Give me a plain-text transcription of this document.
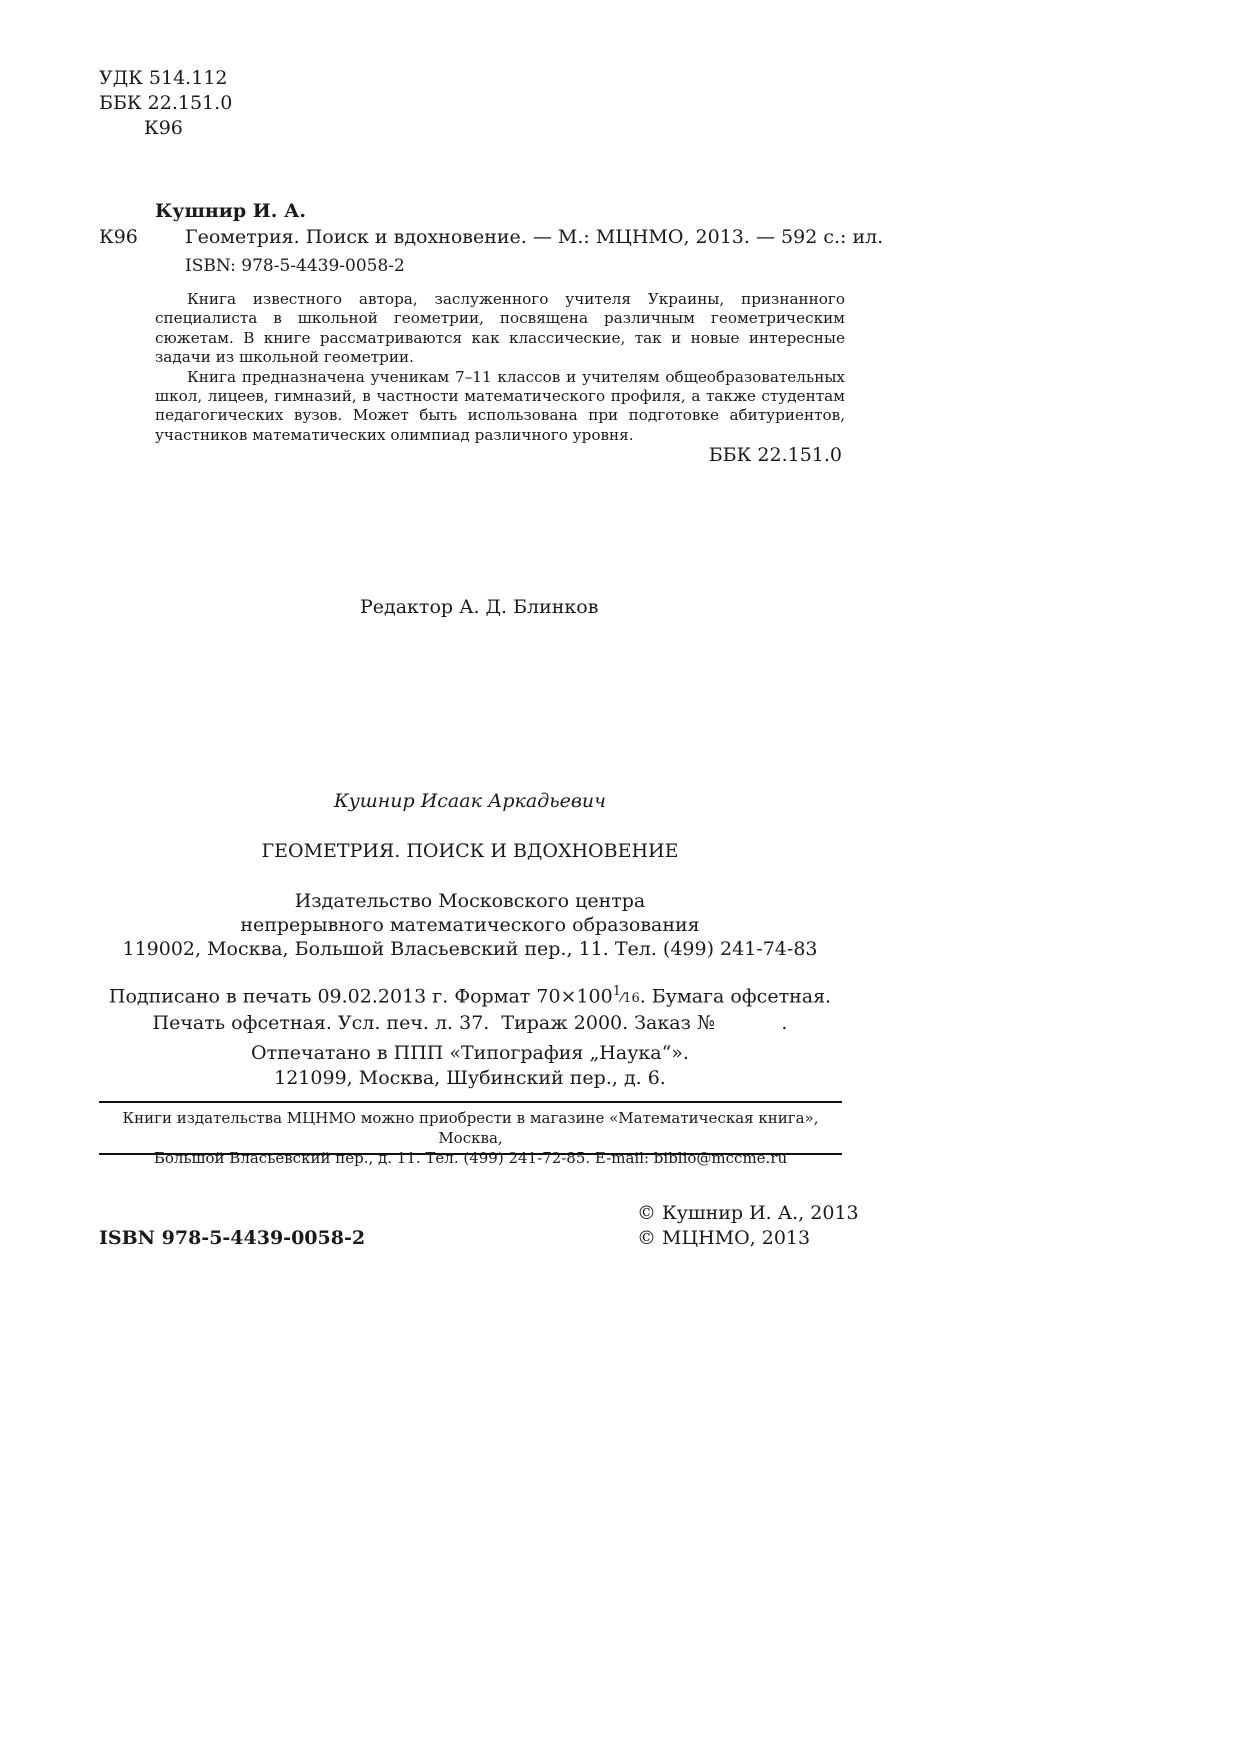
УДК 514.112
ББК 22.151.0
К96
Кушнир И. А.
К96 Геометрия. Поиск и вдохновение. — М.: МЦНМО, 2013. — 592 с.: ил.
ISBN: 978-5-4439-0058-2

Книга известного автора, заслуженного учителя Украины, признанного специалиста в школьной геометрии, посвящена различным геометрическим сюжетам. В книге рассматриваются как классические, так и новые интересные задачи из школьной геометрии.

Книга предназначена ученикам 7–11 классов и учителям общеобразовательных школ, лицеев, гимназий, в частности математического профиля, а также студентам педагогических вузов. Может быть использована при подготовке абитуриентов, участников математических олимпиад различного уровня.

ББК 22.151.0
Редактор А. Д. Блинков
Кушнир Исаак Аркадьевич
ГЕОМЕТРИЯ. ПОИСК И ВДОХНОВЕНИЕ
Издательство Московского центра
непрерывного математического образования
119002, Москва, Большой Власьевский пер., 11. Тел. (499) 241-74-83
Подписано в печать 09.02.2013 г. Формат $70\times 100^1⁄16$. Бумага офсетная.
Печать офсетная. Усл. печ. л. 37.  Тираж 2000. Заказ №           .
Отпечатано в ППП «Типография „Наука“».
121099, Москва, Шубинский пер., д. 6.
Книги издательства МЦНМО можно приобрести в магазине «Математическая книга», Москва,
Большой Власьевский пер., д. 11. Тел. (499) 241-72-85. E-mail: biblio@mccme.ru
ISBN 978-5-4439-0058-2
© Кушнир И. А., 2013
© МЦНМО, 2013
